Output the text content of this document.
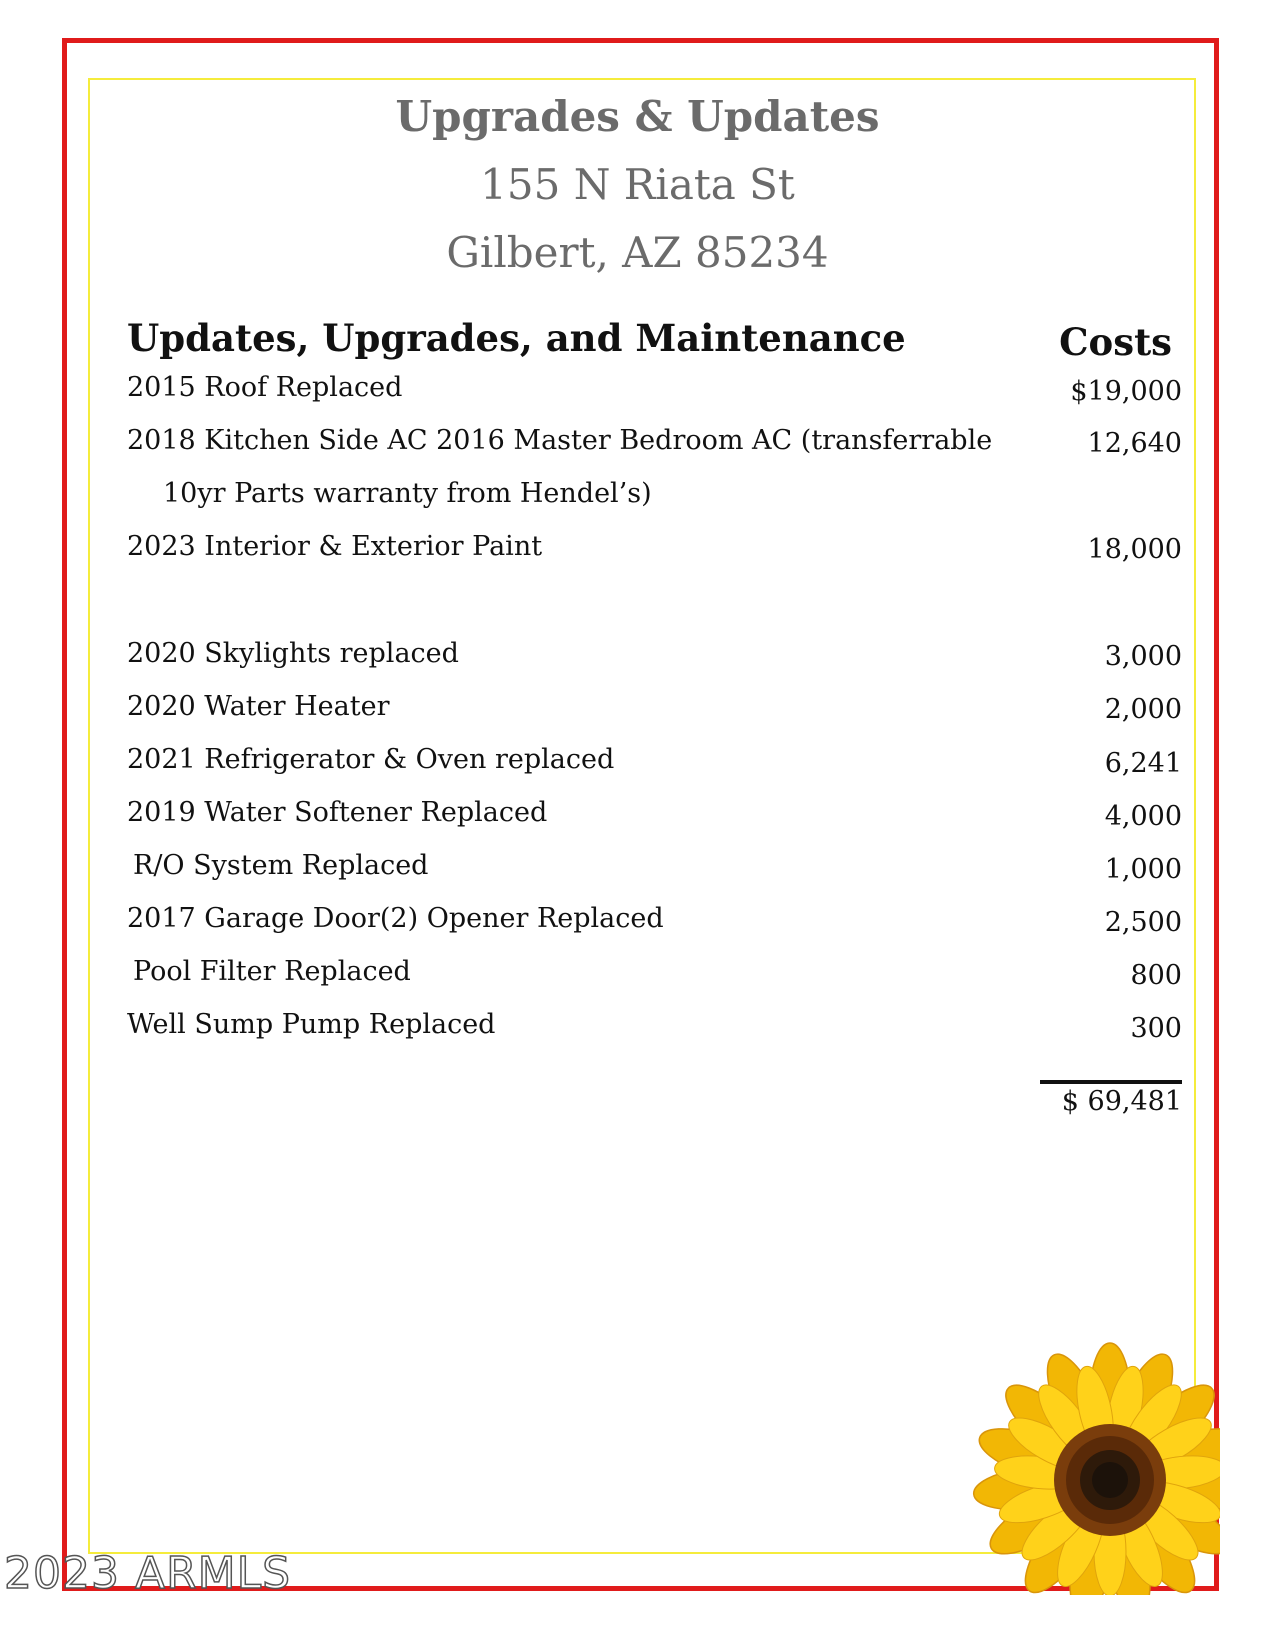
Upgrades & Updates
155 N Riata St
Gilbert, AZ 85234
Updates, Upgrades, and Maintenance	Costs
2015 Roof Replaced	$19,000
2018 Kitchen Side AC 2016 Master Bedroom AC (transferrable	12,640
10yr Parts warranty from Hendel’s)
2023 Interior & Exterior Paint	18,000
2020 Skylights replaced	3,000
2020 Water Heater	2,000
2021 Refrigerator & Oven replaced	6,241
2019 Water Softener Replaced	4,000
R/O System Replaced	1,000
2017 Garage Door(2) Opener Replaced	2,500
Pool Filter Replaced	800
Well Sump Pump Replaced	300
$ 69,481
2023 ARMLS
